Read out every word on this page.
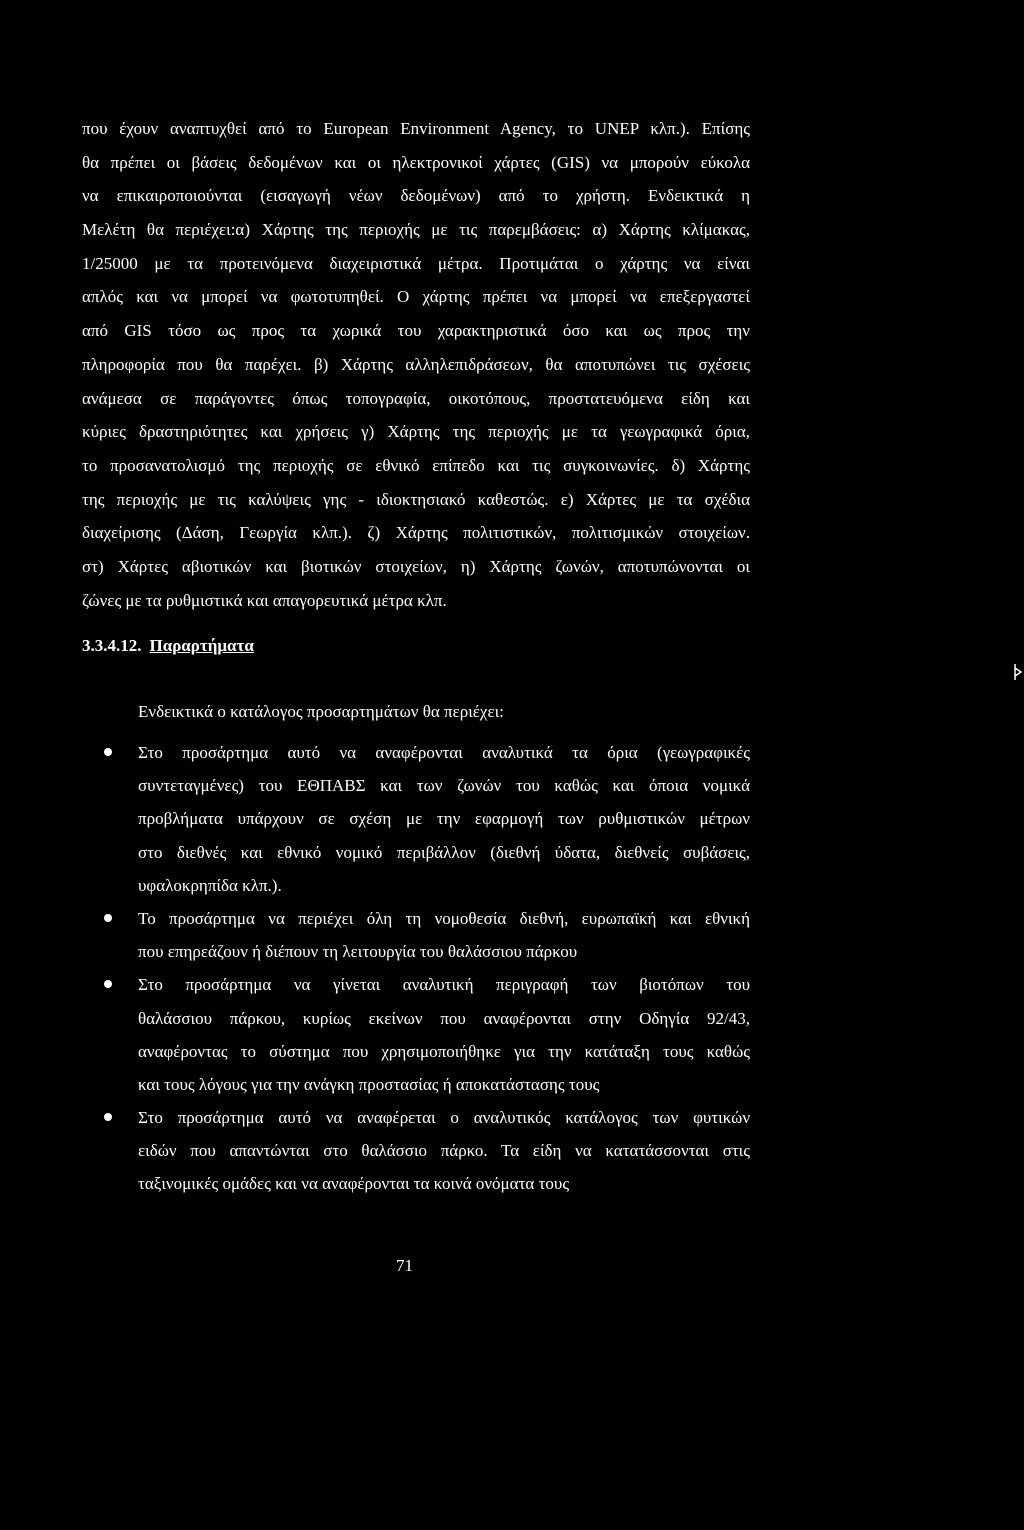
που έχουν αναπτυχθεί από το European Environment Agency, το UNEP κλπ.). Επίσης
θα πρέπει οι βάσεις δεδομένων και οι ηλεκτρονικοί χάρτες (GIS) να μπορούν εύκολα
να επικαιροποιούνται (εισαγωγή νέων δεδομένων) από το χρήστη. Ενδεικτικά η
Μελέτη θα περιέχει:α) Χάρτης της περιοχής με τις παρεμβάσεις: α) Χάρτης κλίμακας,
1/25000 με τα προτεινόμενα διαχειριστικά μέτρα. Προτιμάται ο χάρτης να είναι
απλός και να μπορεί να φωτοτυπηθεί. Ο χάρτης πρέπει να μπορεί να επεξεργαστεί
από GIS τόσο ως προς τα χωρικά του χαρακτηριστικά όσο και ως προς την
πληροφορία που θα παρέχει. β) Χάρτης αλληλεπιδράσεων, θα αποτυπώνει τις σχέσεις
ανάμεσα σε παράγοντες όπως τοπογραφία, οικοτόπους, προστατευόμενα είδη και
κύριες δραστηριότητες και χρήσεις γ) Χάρτης της περιοχής με τα γεωγραφικά όρια,
το προσανατολισμό της περιοχής σε εθνικό επίπεδο και τις συγκοινωνίες. δ) Χάρτης
της περιοχής με τις καλύψεις γης - ιδιοκτησιακό καθεστώς. ε) Χάρτες με τα σχέδια
διαχείρισης (Δάση, Γεωργία κλπ.). ζ) Χάρτης πολιτιστικών, πολιτισμικών στοιχείων.
στ) Χάρτες αβιοτικών και βιοτικών στοιχείων, η) Χάρτης ζωνών, αποτυπώνονται οι
ζώνες με τα ρυθμιστικά και απαγορευτικά μέτρα κλπ.
3.3.4.12. Παραρτήματα
Ενδεικτικά ο κατάλογος προσαρτημάτων θα περιέχει:
Στο προσάρτημα αυτό να αναφέρονται αναλυτικά τα όρια (γεωγραφικές
συντεταγμένες) του ΕΘΠΑΒΣ και των ζωνών του καθώς και όποια νομικά
προβλήματα υπάρχουν σε σχέση με την εφαρμογή των ρυθμιστικών μέτρων
στο διεθνές και εθνικό νομικό περιβάλλον (διεθνή ύδατα, διεθνείς συβάσεις,
υφαλοκρηπίδα κλπ.).
Το προσάρτημα να περιέχει όλη τη νομοθεσία διεθνή, ευρωπαϊκή και εθνική
που επηρεάζουν ή διέπουν τη λειτουργία του θαλάσσιου πάρκου
Στο προσάρτημα να γίνεται αναλυτική περιγραφή των βιοτόπων του
θαλάσσιου πάρκου, κυρίως εκείνων που αναφέρονται στην Οδηγία 92/43,
αναφέροντας το σύστημα που χρησιμοποιήθηκε για την κατάταξη τους καθώς
και τους λόγους για την ανάγκη προστασίας ή αποκατάστασης τους
Στο προσάρτημα αυτό να αναφέρεται ο αναλυτικός κατάλογος των φυτικών
ειδών που απαντώνται στο θαλάσσιο πάρκο. Τα είδη να κατατάσσονται στις
ταξινομικές ομάδες και να αναφέρονται τα κοινά ονόματα τους
71
